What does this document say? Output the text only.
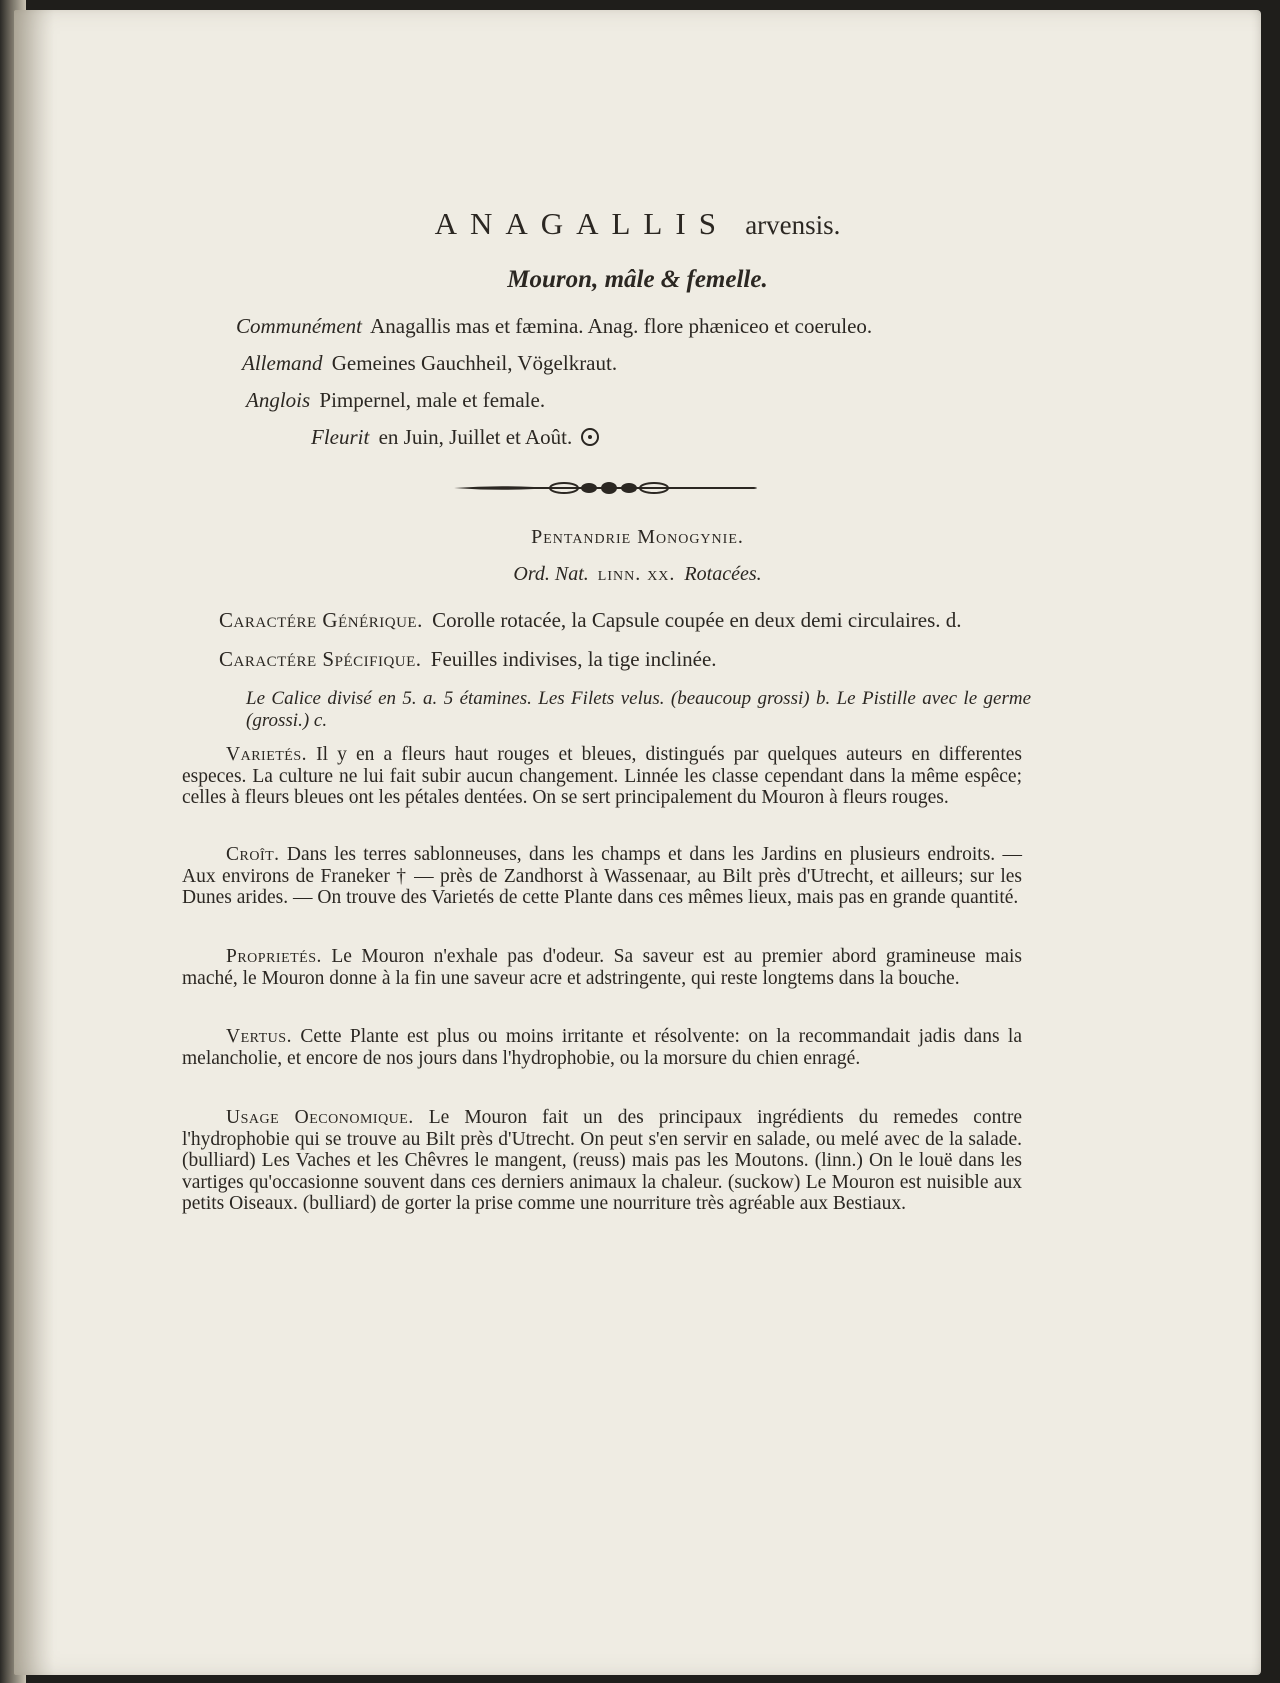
ANAGALLIS arvensis.
Mouron, mâle & femelle.
Communément Anagallis mas et fæmina. Anag. flore phæniceo et coeruleo.
Allemand Gemeines Gauchheil, Vögelkraut.
Anglois Pimpernel, male et female.
Fleurit en Juin, Juillet et Août.
Pentandrie Monogynie.
Ord. Nat. linn. xx. Rotacées.
Caractére Générique. Corolle rotacée, la Capsule coupée en deux demi circulaires. d.
Caractére Spécifique. Feuilles indivises, la tige inclinée.
Le Calice divisé en 5. a. 5 étamines. Les Filets velus. (beaucoup grossi) b. Le Pistille avec le germe (grossi.) c.
Varietés. Il y en a fleurs haut rouges et bleues, distingués par quelques auteurs en differentes especes. La culture ne lui fait subir aucun changement. Linnée les classe cependant dans la même espêce; celles à fleurs bleues ont les pétales dentées. On se sert principalement du Mouron à fleurs rouges.
Croît. Dans les terres sablonneuses, dans les champs et dans les Jardins en plusieurs endroits. — Aux environs de Franeker † — près de Zandhorst à Wassenaar, au Bilt près d'Utrecht, et ailleurs; sur les Dunes arides. — On trouve des Varietés de cette Plante dans ces mêmes lieux, mais pas en grande quantité.
Proprietés. Le Mouron n'exhale pas d'odeur. Sa saveur est au premier abord gramineuse mais maché, le Mouron donne à la fin une saveur acre et adstringente, qui reste longtems dans la bouche.
Vertus. Cette Plante est plus ou moins irritante et résolvente: on la recommandait jadis dans la melancholie, et encore de nos jours dans l'hydrophobie, ou la morsure du chien enragé.
Usage Oeconomique. Le Mouron fait un des principaux ingrédients du remedes contre l'hydrophobie qui se trouve au Bilt près d'Utrecht. On peut s'en servir en salade, ou melé avec de la salade. (bulliard) Les Vaches et les Chêvres le mangent, (reuss) mais pas les Moutons. (linn.) On le louë dans les vartiges qu'occasionne souvent dans ces derniers animaux la chaleur. (suckow) Le Mouron est nuisible aux petits Oiseaux. (bulliard) de gorter la prise comme une nourriture très agréable aux Bestiaux.
